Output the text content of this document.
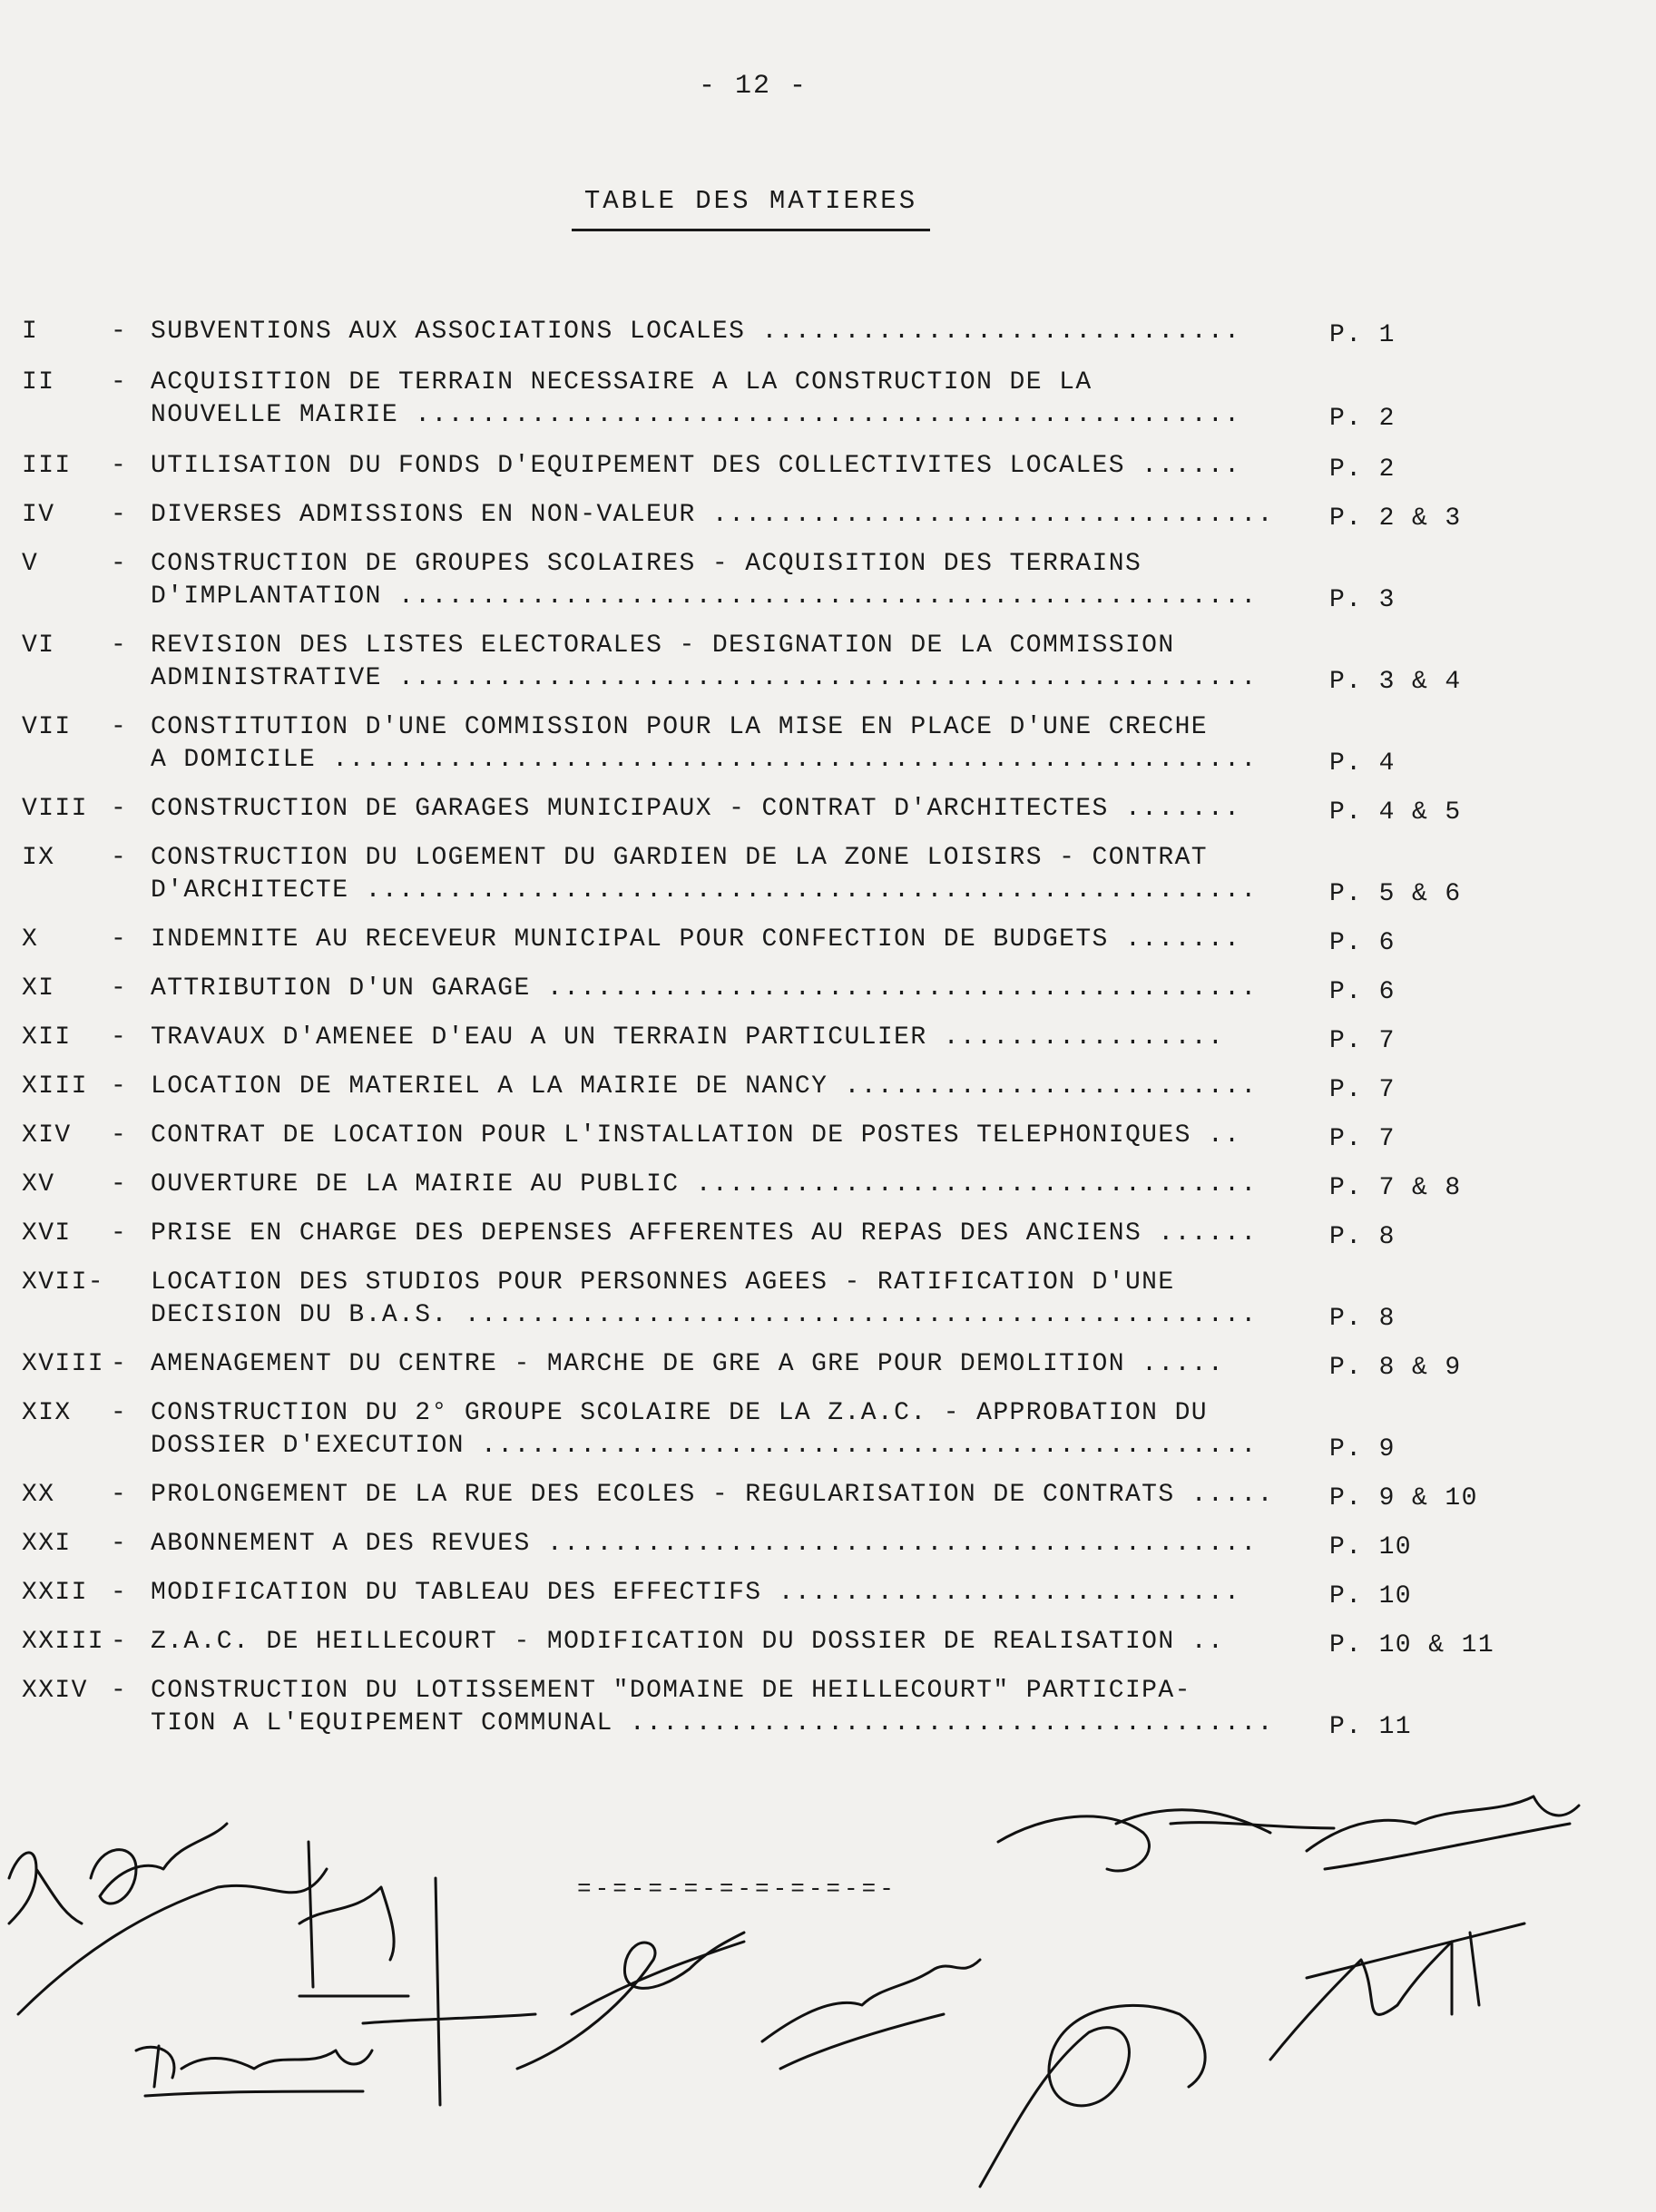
- 12 -
TABLE DES MATIERES
I	- SUBVENTIONS AUX ASSOCIATIONS LOCALES .............................	P. 1
II - ACQUISITION DE TERRAIN NECESSAIRE A LA CONSTRUCTION DE LA
NOUVELLE MAIRIE ..................................................	P. 2
III - UTILISATION DU FONDS D'EQUIPEMENT DES COLLECTIVITES LOCALES ......	P. 2
IV - DIVERSES ADMISSIONS EN NON-VALEUR .................................. P. 2 & 3
V	- CONSTRUCTION DE GROUPES SCOLAIRES - ACQUISITION DES TERRAINS
D'IMPLANTATION ....................................................	P. 3
VI - REVISION DES LISTES ELECTORALES - DESIGNATION DE LA COMMISSION
ADMINISTRATIVE ....................................................	P. 3 & 4
VII - CONSTITUTION D'UNE COMMISSION POUR LA MISE EN PLACE D'UNE CRECHE
A DOMICILE ........................................................	P. 4
VIII - CONSTRUCTION DE GARAGES MUNICIPAUX - CONTRAT D'ARCHITECTES .......	P. 4 & 5
IX - CONSTRUCTION DU LOGEMENT DU GARDIEN DE LA ZONE LOISIRS - CONTRAT
D'ARCHITECTE ......................................................	P. 5 & 6
X	- INDEMNITE AU RECEVEUR MUNICIPAL POUR CONFECTION DE BUDGETS .......	P. 6
XI - ATTRIBUTION D'UN GARAGE ...........................................	P. 6
XII - TRAVAUX D'AMENEE D'EAU A UN TERRAIN PARTICULIER .................	P. 7
XIII - LOCATION DE MATERIEL A LA MAIRIE DE NANCY .........................	P. 7
XIV - CONTRAT DE LOCATION POUR L'INSTALLATION DE POSTES TELEPHONIQUES ..	P. 7
XV - OUVERTURE DE LA MAIRIE AU PUBLIC ..................................	P. 7 & 8
XVI - PRISE EN CHARGE DES DEPENSES AFFERENTES AU REPAS DES ANCIENS ......	P. 8
XVII- LOCATION DES STUDIOS POUR PERSONNES AGEES - RATIFICATION D'UNE
DECISION DU B.A.S. ................................................	P. 8
XVIII - AMENAGEMENT DU CENTRE - MARCHE DE GRE A GRE POUR DEMOLITION .....	P. 8 & 9
XIX - CONSTRUCTION DU 2° GROUPE SCOLAIRE DE LA Z.A.C. - APPROBATION DU
DOSSIER D'EXECUTION ...............................................	P. 9
XX - PROLONGEMENT DE LA RUE DES ECOLES - REGULARISATION DE CONTRATS ..... P. 9 & 10
XXI - ABONNEMENT A DES REVUES ...........................................	P. 10
XXII - MODIFICATION DU TABLEAU DES EFFECTIFS ............................	P. 10
XXIII - Z.A.C. DE HEILLECOURT - MODIFICATION DU DOSSIER DE REALISATION ..	P. 10 & 11
XXIV - CONSTRUCTION DU LOTISSEMENT "DOMAINE DE HEILLECOURT" PARTICIPA-
TION A L'EQUIPEMENT COMMUNAL ....................................... P. 11
=-=-=-=-=-=-=-=-=-
